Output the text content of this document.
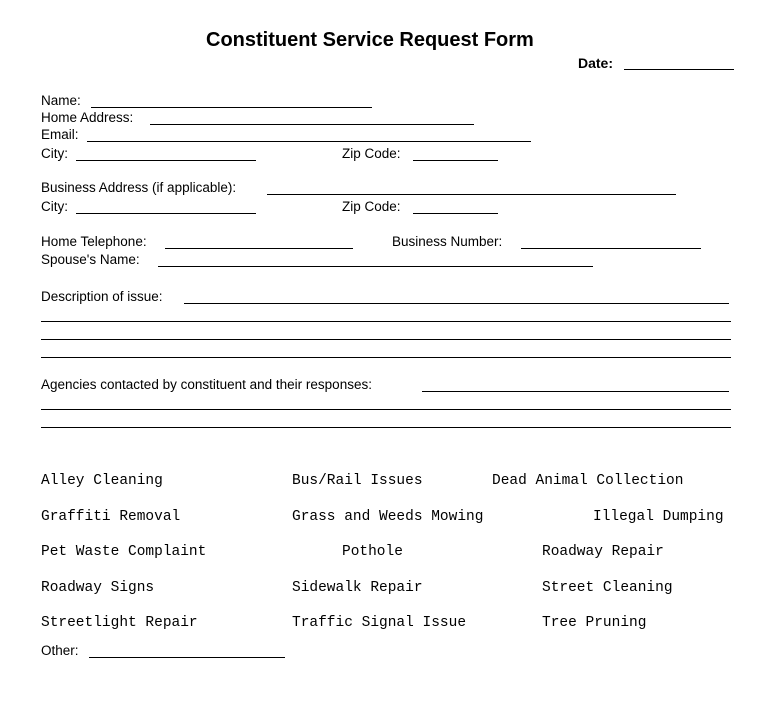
Constituent Service Request Form
Date:
Name:
Home Address:
Email:
City:	Zip Code:
Business Address (if applicable):
City:	Zip Code:
Home Telephone:	Business Number:
Spouse's Name:
Description of issue:
Agencies contacted by constituent and their responses:
Alley Cleaning	Bus/Rail Issues	Dead Animal Collection
Graffiti Removal	Grass and Weeds Mowing	Illegal Dumping
Pet Waste Complaint	Pothole	Roadway Repair
Roadway Signs	Sidewalk Repair	Street Cleaning
Streetlight Repair	Traffic Signal Issue	Tree Pruning
Other:
